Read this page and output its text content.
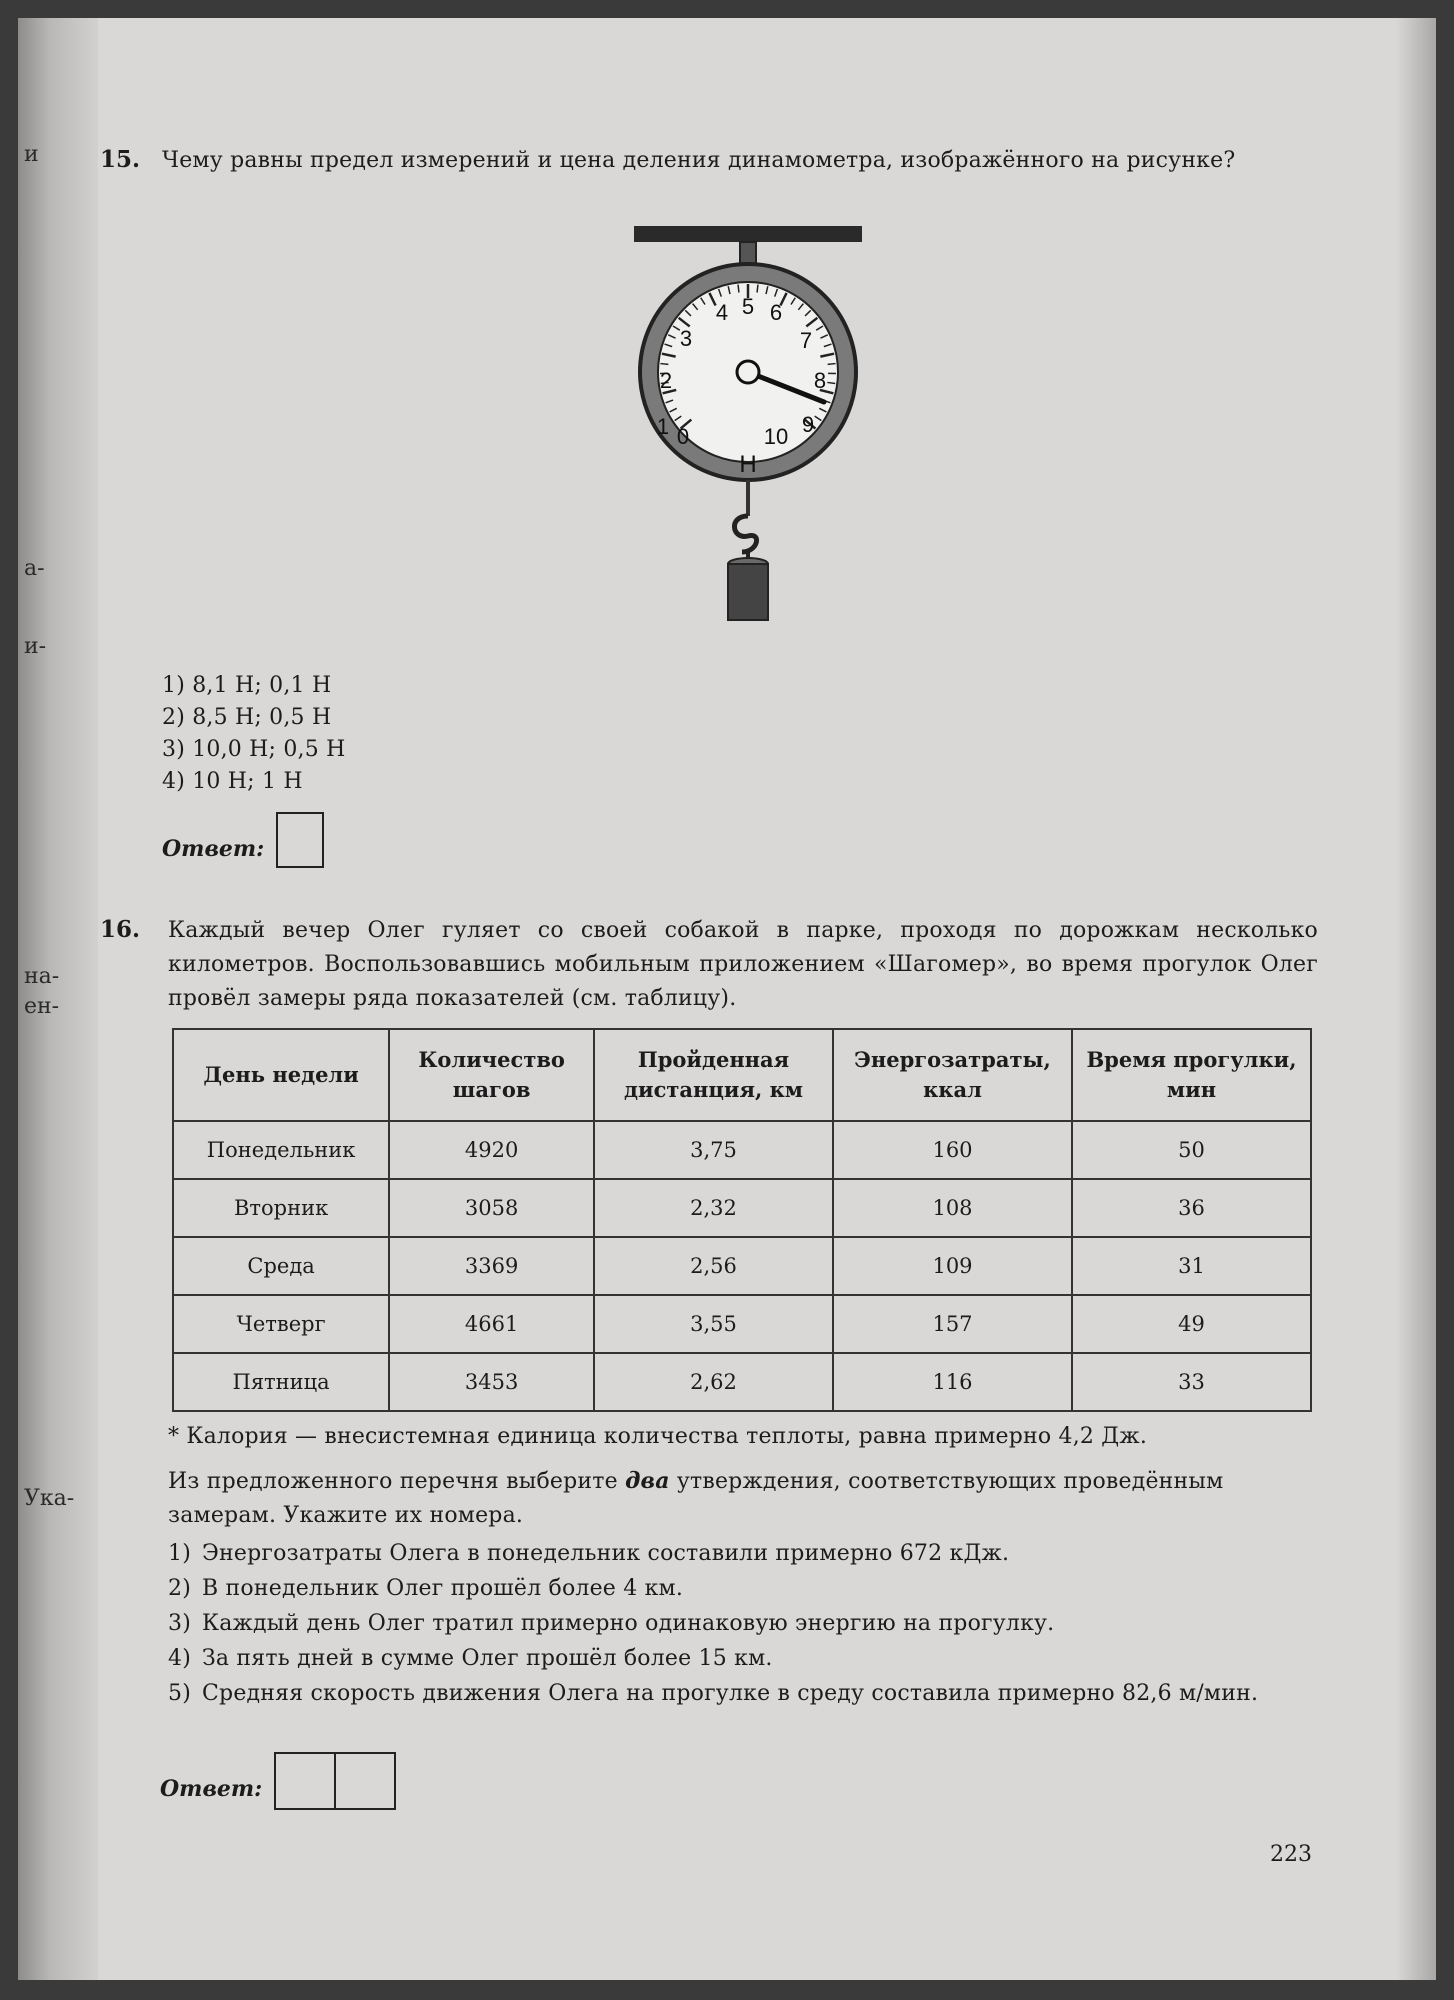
и
а-
и-
на-
ен-
Ука-
15. Чему равны предел измерений и цена деления динамометра, изображённого на рисунке?
0
1
2
3
4 5 6
7
8
9
10
Н
1) 8,1 Н; 0,1 Н
2) 8,5 Н; 0,5 Н
3) 10,0 Н; 0,5 Н
4) 10 Н; 1 Н
Ответ:
16. Каждый вечер Олег гуляет со своей собакой в парке, проходя по дорожкам несколько километров. Воспользовавшись мобильным приложением «Шагомер», во время прогулок Олег провёл замеры ряда показателей (см. таблицу).
День недели	Количество шагов	Пройденная дистанция, км	Энергозатраты, ккал	Время прогулки, мин
Понедельник	4920	3,75	160	50
Вторник	3058	2,32	108	36
Среда	3369	2,56	109	31
Четверг	4661	3,55	157	49
Пятница	3453	2,62	116	33
* Калория — внесистемная единица количества теплоты, равна примерно 4,2 Дж.
Из предложенного перечня выберите два утверждения, соответствующих проведённым замерам. Укажите их номера.
1) Энергозатраты Олега в понедельник составили примерно 672 кДж.
2) В понедельник Олег прошёл более 4 км.
3) Каждый день Олег тратил примерно одинаковую энергию на прогулку.
4) За пять дней в сумме Олег прошёл более 15 км.
5) Средняя скорость движения Олега на прогулке в среду составила примерно 82,6 м/мин.
Ответ:
223
